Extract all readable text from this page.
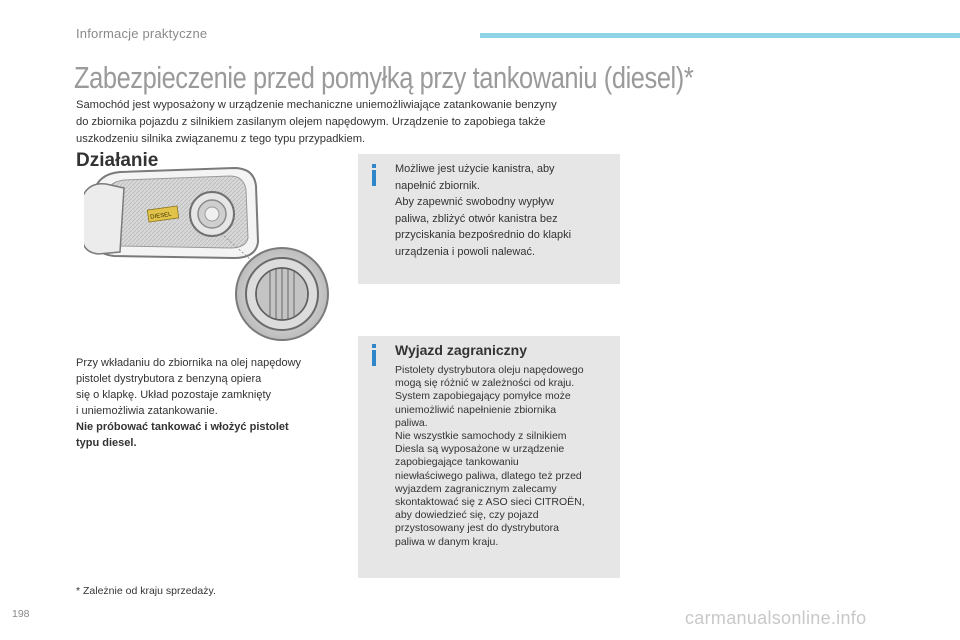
Informacje praktyczne
Zabezpieczenie przed pomyłką przy tankowaniu (diesel)*
Samochód jest wyposażony w urządzenie mechaniczne uniemożliwiające zatankowanie benzyny
do zbiornika pojazdu z silnikiem zasilanym olejem napędowym. Urządzenie to zapobiega także
uszkodzeniu silnika związanemu z tego typu przypadkiem.
Działanie
DIESEL
Przy wkładaniu do zbiornika na olej napędowy
pistolet dystrybutora z benzyną opiera
się o klapkę. Układ pozostaje zamknięty
i uniemożliwia zatankowanie.
Nie próbować tankować i włożyć pistolet
typu diesel.
Możliwe jest użycie kanistra, aby
napełnić zbiornik.
Aby zapewnić swobodny wypływ
paliwa, zbliżyć otwór kanistra bez
przyciskania bezpośrednio do klapki
urządzenia i powoli nalewać.
Wyjazd zagraniczny
Pistolety dystrybutora oleju napędowego
mogą się różnić w zależności od kraju.
System zapobiegający pomyłce może
uniemożliwić napełnienie zbiornika
paliwa.
Nie wszystkie samochody z silnikiem
Diesla są wyposażone w urządzenie
zapobiegające tankowaniu
niewłaściwego paliwa, dlatego też przed
wyjazdem zagranicznym zalecamy
skontaktować się z ASO sieci CITROËN,
aby dowiedzieć się, czy pojazd
przystosowany jest do dystrybutora
paliwa w danym kraju.
* Zależnie od kraju sprzedaży.
198	carmanualsonline.info
